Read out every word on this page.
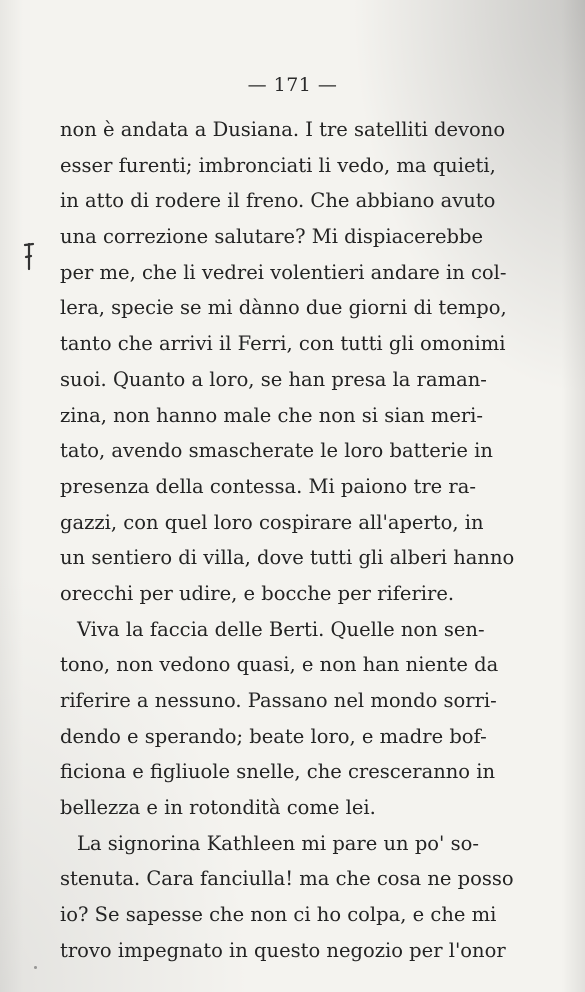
— 171 —
non è andata a Dusiana. I tre satelliti devono
esser furenti; imbronciati li vedo, ma quieti,
in atto di rodere il freno. Che abbiano avuto
una correzione salutare? Mi dispiacerebbe
per me, che li vedrei volentieri andare in col-
lera, specie se mi dànno due giorni di tempo,
tanto che arrivi il Ferri, con tutti gli omonimi
suoi. Quanto a loro, se han presa la raman-
zina, non hanno male che non si sian meri-
tato, avendo smascherate le loro batterie in
presenza della contessa. Mi paiono tre ra-
gazzi, con quel loro cospirare all'aperto, in
un sentiero di villa, dove tutti gli alberi hanno
orecchi per udire, e bocche per riferire.
Viva la faccia delle Berti. Quelle non sen-
tono, non vedono quasi, e non han niente da
riferire a nessuno. Passano nel mondo sorri-
dendo e sperando; beate loro, e madre bof-
ficiona e figliuole snelle, che cresceranno in
bellezza e in rotondità come lei.
La signorina Kathleen mi pare un po' so-
stenuta. Cara fanciulla! ma che cosa ne posso
io? Se sapesse che non ci ho colpa, e che mi
trovo impegnato in questo negozio per l'onor
